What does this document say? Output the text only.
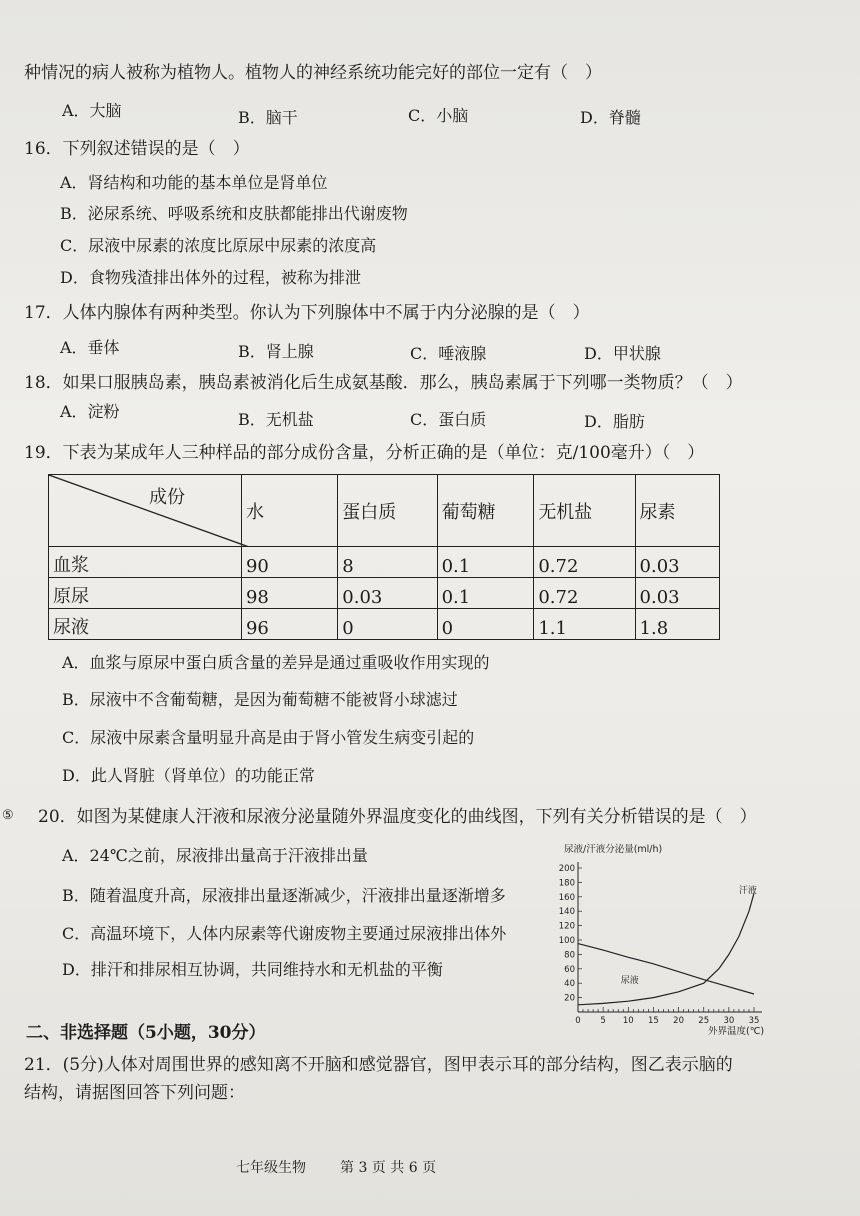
种情况的病人被称为植物人。植物人的神经系统功能完好的部位一定有（　）
A．大脑	B．脑干	C．小脑	D．脊髓
16．下列叙述错误的是（　）
A．肾结构和功能的基本单位是肾单位
B．泌尿系统、呼吸系统和皮肤都能排出代谢废物
C．尿液中尿素的浓度比原尿中尿素的浓度高
D．食物残渣排出体外的过程，被称为排泄
17．人体内腺体有两种类型。你认为下列腺体中不属于内分泌腺的是（　）
A．垂体	B．肾上腺	C．唾液腺	D．甲状腺
18．如果口服胰岛素，胰岛素被消化后生成氨基酸．那么，胰岛素属于下列哪一类物质？（　）
A．淀粉	B．无机盐	C．蛋白质	D．脂肪
19．下表为某成年人三种样品的部分成份含量，分析正确的是（单位：克/100毫升）（　）
成份	水	蛋白质	葡萄糖	无机盐	尿素
血浆	90	8	0.1	0.72	0.03
原尿	98	0.03	0.1	0.72	0.03
尿液	96	0	0	1.1	1.8
A．血浆与原尿中蛋白质含量的差异是通过重吸收作用实现的
B．尿液中不含葡萄糖，是因为葡萄糖不能被肾小球滤过
C．尿液中尿素含量明显升高是由于肾小管发生病变引起的
D．此人肾脏（肾单位）的功能正常
⑤ 20．如图为某健康人汗液和尿液分泌量随外界温度变化的曲线图，下列有关分析错误的是（　）
A．24℃之前，尿液排出量高于汗液排出量
B．随着温度升高，尿液排出量逐渐减少，汗液排出量逐渐增多
C．高温环境下，人体内尿素等代谢废物主要通过尿液排出体外
D．排汗和排尿相互协调，共同维持水和无机盐的平衡
尿液/汗液分泌量(ml/h)
外界温度(℃)
0 5 10 15 20 25 30 35
20
40
60
80
100
120
140
160
180
200
汗液
尿液
二、非选择题（5小题，30分）
21．(5分)人体对周围世界的感知离不开脑和感觉器官，图甲表示耳的部分结构，图乙表示脑的
结构，请据图回答下列问题：
七年级生物 第 3 页 共 6 页
